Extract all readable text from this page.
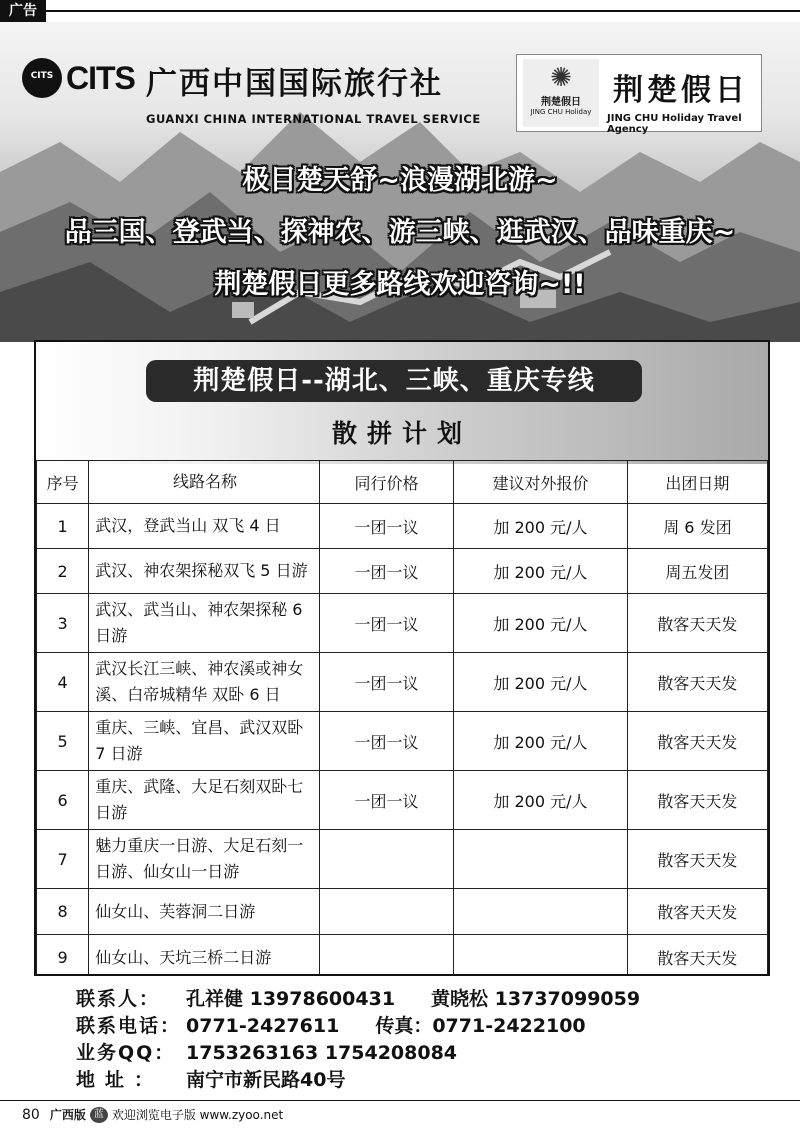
广告
CITS CITS 广西中国国际旅行社
GUANXI CHINA INTERNATIONAL TRAVEL SERVICE
✺
荆楚假日
JING CHU Holiday
荆楚假日
JING CHU Holiday Travel Agency
极目楚天舒~浪漫湖北游~
品三国、登武当、探神农、游三峡、逛武汉、品味重庆~
荆楚假日更多路线欢迎咨询~!!
荆楚假日--湖北、三峡、重庆专线
散拼计划
序号	线路名称	同行价格	建议对外报价	出团日期
1	武汉，登武当山 双飞 4 日	一团一议	加 200 元/人	周 6 发团
2	武汉、神农架探秘双飞 5 日游	一团一议	加 200 元/人	周五发团
3	武汉、武当山、神农架探秘 6 日游	一团一议	加 200 元/人	散客天天发
4	武汉长江三峡、神农溪或神女溪、白帝城精华 双卧 6 日	一团一议	加 200 元/人	散客天天发
5	重庆、三峡、宜昌、武汉双卧 7 日游	一团一议	加 200 元/人	散客天天发
6	重庆、武隆、大足石刻双卧七日游	一团一议	加 200 元/人	散客天天发
7	魅力重庆一日游、大足石刻一日游、仙女山一日游			散客天天发
8	仙女山、芙蓉洞二日游			散客天天发
9	仙女山、天坑三桥二日游			散客天天发
联系人：	孔祥健 13978600431 黄晓松 13737099059
联系电话： 0771-2427611 传真： 0771-2422100
业务QQ： 1753263163 1754208084
地址：	南宁市新民路40号
80 广西版 蓝 欢迎浏览电子版 www.zyoo.net
